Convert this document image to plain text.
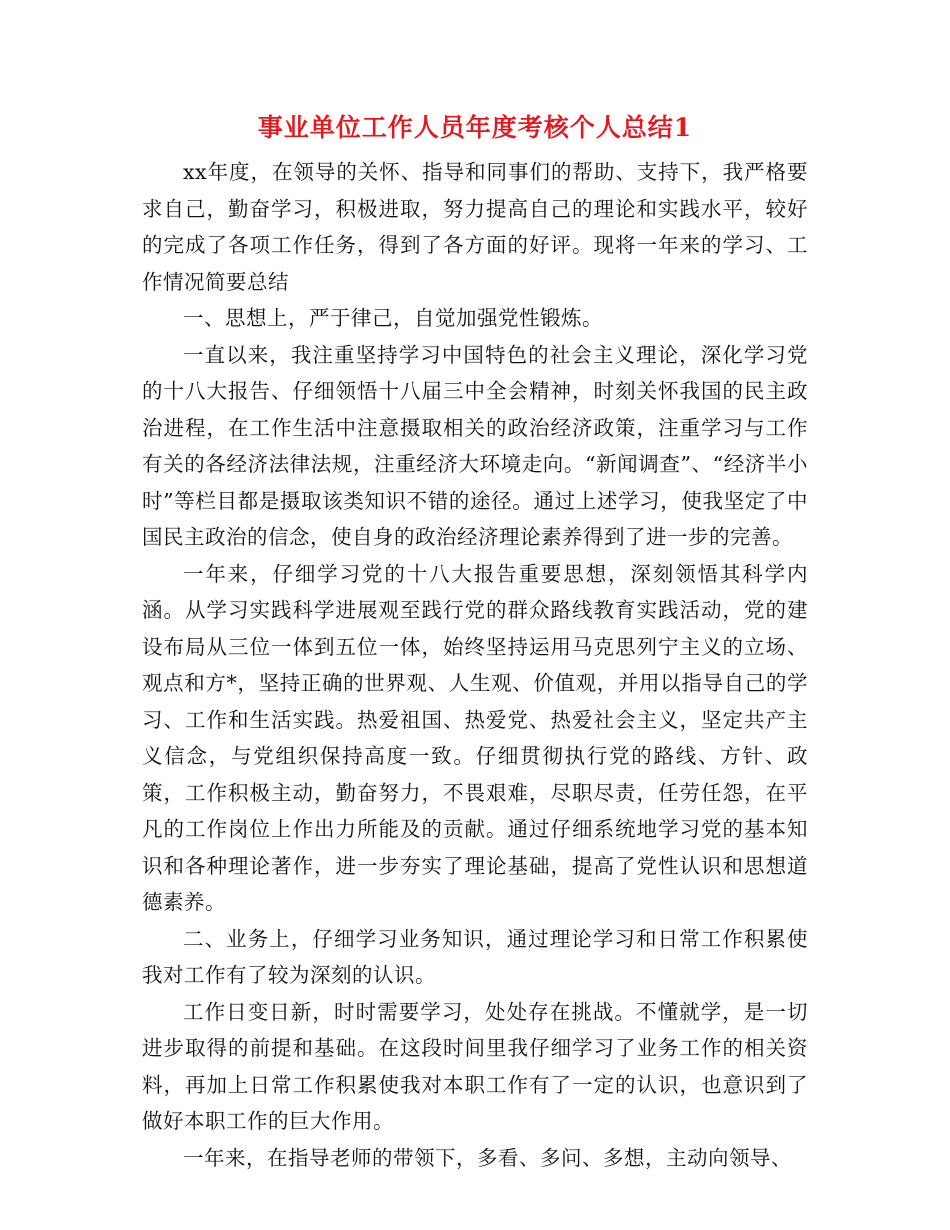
事业单位工作人员年度考核个人总结1

xx年度，在领导的关怀、指导和同事们的帮助、支持下，我严格要求自己，勤奋学习，积极进取，努力提高自己的理论和实践水平，较好的完成了各项工作任务，得到了各方面的好评。现将一年来的学习、工作情况简要总结

一、思想上，严于律己，自觉加强党性锻炼。

一直以来，我注重坚持学习中国特色的社会主义理论，深化学习党的十八大报告、仔细领悟十八届三中全会精神，时刻关怀我国的民主政治进程，在工作生活中注意摄取相关的政治经济政策，注重学习与工作有关的各经济法律法规，注重经济大环境走向。“新闻调查”、“经济半小时”等栏目都是摄取该类知识不错的途径。通过上述学习，使我坚定了中国民主政治的信念，使自身的政治经济理论素养得到了进一步的完善。

一年来，仔细学习党的十八大报告重要思想，深刻领悟其科学内涵。从学习实践科学进展观至践行党的群众路线教育实践活动，党的建设布局从三位一体到五位一体，始终坚持运用马克思列宁主义的立场、观点和方*，坚持正确的世界观、人生观、价值观，并用以指导自己的学习、工作和生活实践。热爱祖国、热爱党、热爱社会主义，坚定共产主义信念，与党组织保持高度一致。仔细贯彻执行党的路线、方针、政策，工作积极主动，勤奋努力，不畏艰难，尽职尽责，任劳任怨，在平凡的工作岗位上作出力所能及的贡献。通过仔细系统地学习党的基本知识和各种理论著作，进一步夯实了理论基础，提高了党性认识和思想道德素养。

二、业务上，仔细学习业务知识，通过理论学习和日常工作积累使我对工作有了较为深刻的认识。

工作日变日新，时时需要学习，处处存在挑战。不懂就学，是一切进步取得的前提和基础。在这段时间里我仔细学习了业务工作的相关资料，再加上日常工作积累使我对本职工作有了一定的认识，也意识到了做好本职工作的巨大作用。

一年来，在指导老师的带领下，多看、多问、多想，主动向领导、
